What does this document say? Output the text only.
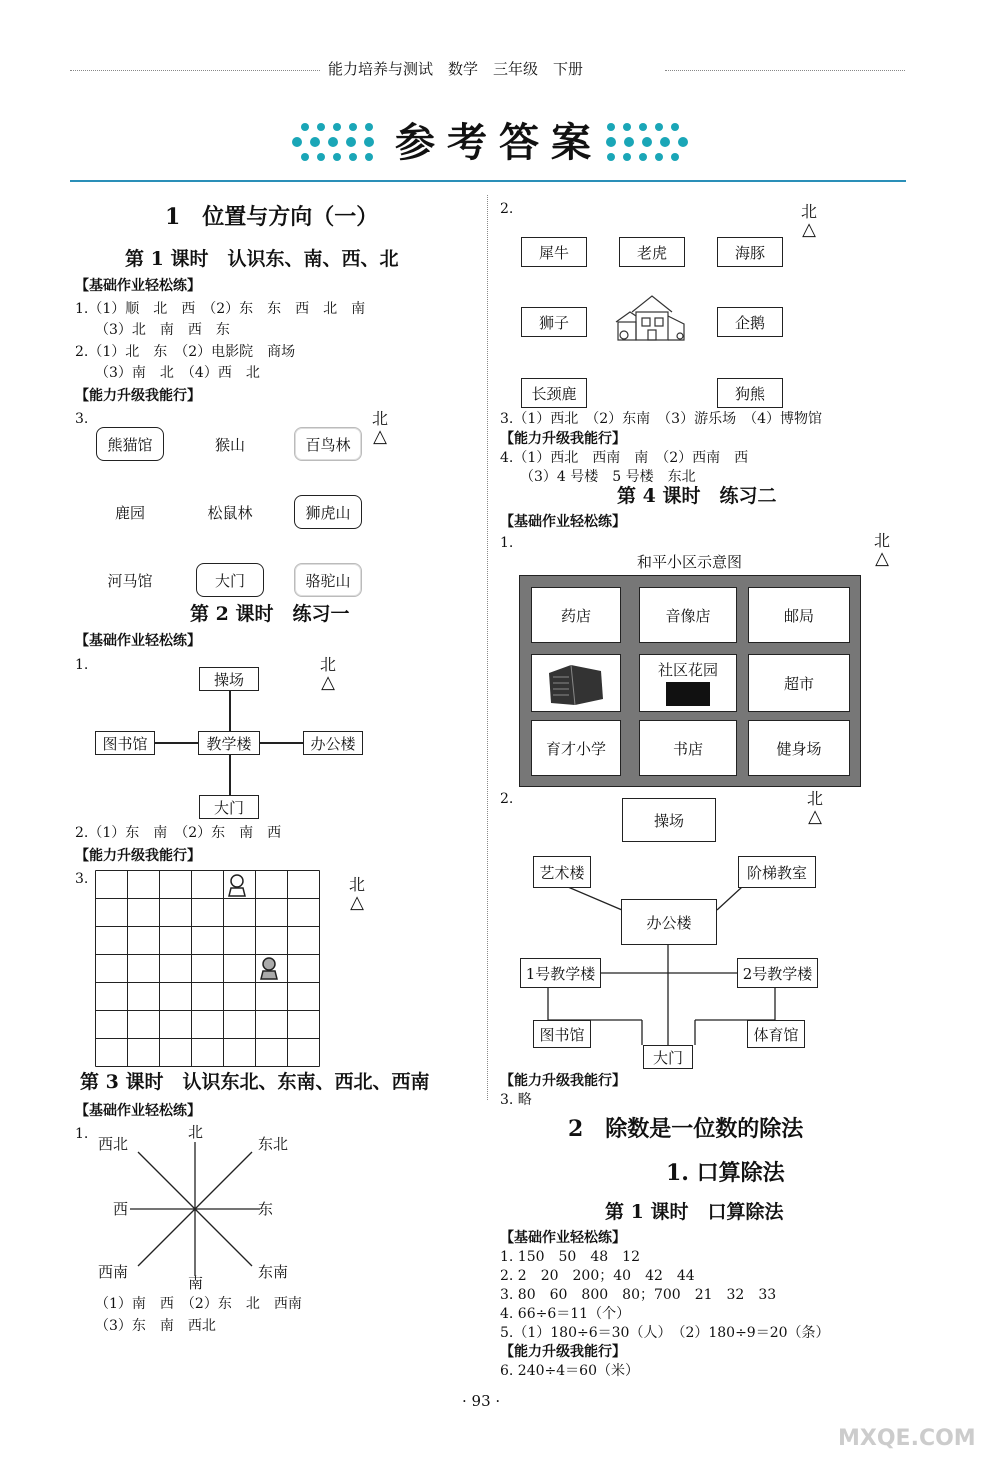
能力培养与测试　数学　三年级　下册
参考答案
1　位置与方向（一）
第 1 课时　认识东、南、西、北
【基础作业轻松练】
1.（1）顺　北　西　（2）东　东　西　北　南
（3）北　南　西　东
2.（1）北　东　（2）电影院　商场
（3）南　北　（4）西　北
【能力升级我能行】
3.
熊猫馆	猴山	百鸟林
鹿园	松鼠林	狮虎山
河马馆	大门	骆驼山
北
△
第 2 课时　练习一
【基础作业轻松练】
1.
操场
图书馆	教学楼	办公楼
大门
北
△
2.（1）东　南　（2）东　南　西
【能力升级我能行】
3.	北
△
第 3 课时　认识东北、东南、西北、西南
【基础作业轻松练】
1.	北
东北
东
东南
南
西南
西
西北
（1）南　西　（2）东　北　西南
（3）东　南　西北
2.	北
△
犀牛	老虎	海豚
狮子	企鹅
长颈鹿	狗熊
3.（1）西北　（2）东南　（3）游乐场　（4）博物馆
【能力升级我能行】
4.（1）西北　西南　南　（2）西南　西
（3）4 号楼　5 号楼　东北
第 4 课时　练习二
【基础作业轻松练】
1.	北
△
和平小区示意图
药店	音像店	邮局
社区花园
超市
育才小学	书店	健身场
2.	北
△
操场
艺术楼	阶梯教室
办公楼
1号教学楼	2号教学楼
图书馆	体育馆
大门
【能力升级我能行】
3. 略
2　除数是一位数的除法
1. 口算除法
第 1 课时　口算除法
【基础作业轻松练】
1. 150　50　48　12
2. 2　20　200；40　42　44
3. 80　60　800　80；700　21　32　33
4. 66÷6＝11（个）
5.（1）180÷6＝30（人）　（2）180÷9＝20（条）
【能力升级我能行】
6. 240÷4＝60（米）
· 93 ·
MXQE.COM
